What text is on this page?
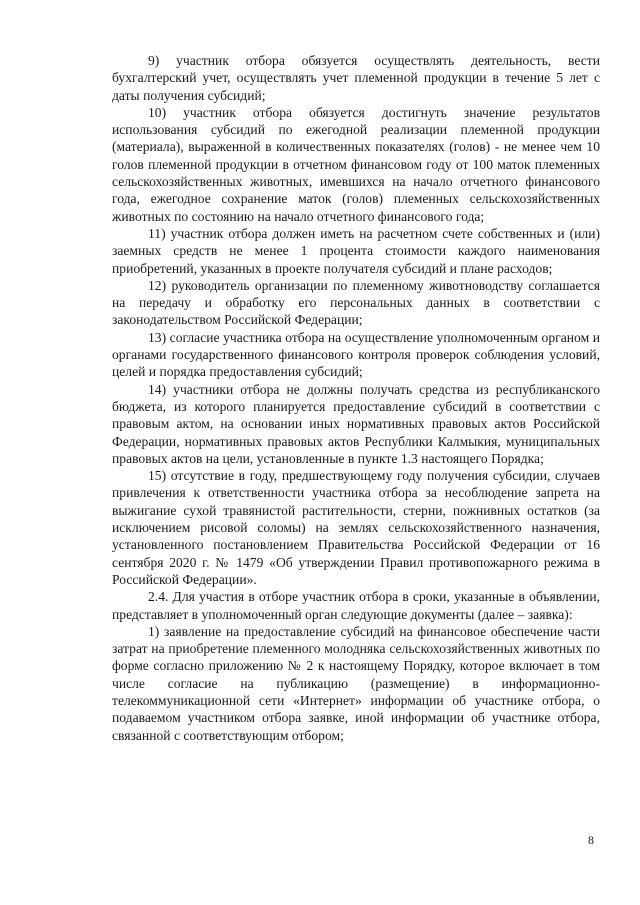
9) участник отбора обязуется осуществлять деятельность, вести бухгалтерский учет, осуществлять учет племенной продукции в течение 5 лет с даты получения субсидий;

10) участник отбора обязуется достигнуть значение результатов использования субсидий по ежегодной реализации племенной продукции (материала), выраженной в количественных показателях (голов) - не менее чем 10 голов племенной продукции в отчетном финансовом году от 100 маток племенных сельскохозяйственных животных, имевшихся на начало отчетного финансового года, ежегодное сохранение маток (голов) племенных сельскохозяйственных животных по состоянию на начало отчетного финансового года;

11) участник отбора должен иметь на расчетном счете собственных и (или) заемных средств не менее 1 процента стоимости каждого наименования приобретений, указанных в проекте получателя субсидий и плане расходов;

12) руководитель организации по племенному животноводству соглашается на передачу и обработку его персональных данных в соответствии с законодательством Российской Федерации;

13) согласие участника отбора на осуществление уполномоченным органом и органами государственного финансового контроля проверок соблюдения условий, целей и порядка предоставления субсидий;

14) участники отбора не должны получать средства из республиканского бюджета, из которого планируется предоставление субсидий в соответствии с правовым актом, на основании иных нормативных правовых актов Российской Федерации, нормативных правовых актов Республики Калмыкия, муниципальных правовых актов на цели, установленные в пункте 1.3 настоящего Порядка;

15) отсутствие в году, предшествующему году получения субсидии, случаев привлечения к ответственности участника отбора за несоблюдение запрета на выжигание сухой травянистой растительности, стерни, пожнивных остатков (за исключением рисовой соломы) на землях сельскохозяйственного назначения, установленного постановлением Правительства Российской Федерации от 16 сентября 2020 г. № 1479 «Об утверждении Правил противопожарного режима в Российской Федерации».

2.4. Для участия в отборе участник отбора в сроки, указанные в объявлении, представляет в уполномоченный орган следующие документы (далее – заявка):

1) заявление на предоставление субсидий на финансовое обеспечение части затрат на приобретение племенного молодняка сельскохозяйственных животных по форме согласно приложению № 2 к настоящему Порядку, которое включает в том числе согласие на публикацию (размещение) в информационно-телекоммуникационной сети «Интернет» информации об участнике отбора, о подаваемом участником отбора заявке, иной информации об участнике отбора, связанной с соответствующим отбором;

8
